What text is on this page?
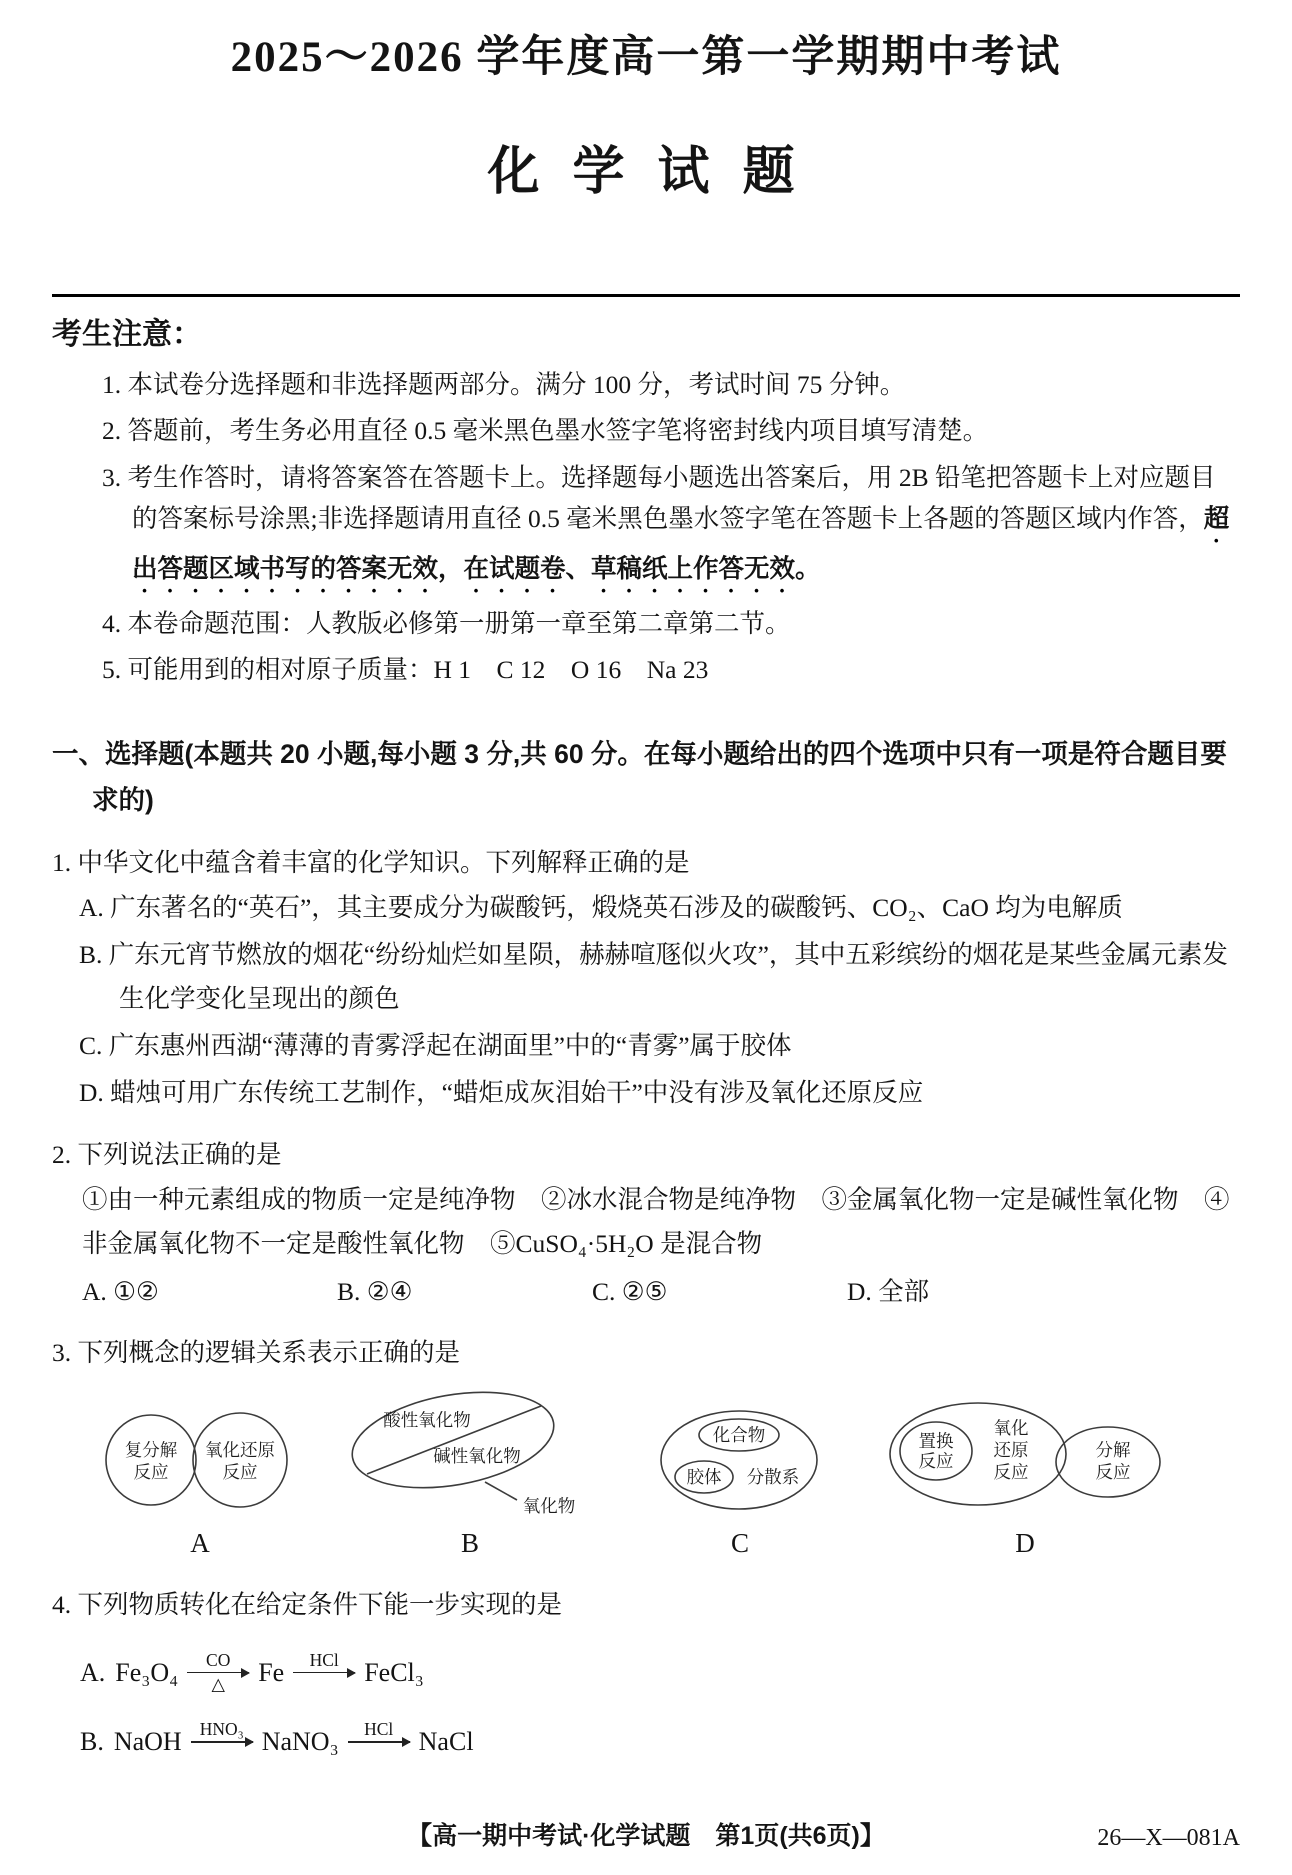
2025～2026 学年度高一第一学期期中考试
化 学 试 题
考生注意：
1. 本试卷分选择题和非选择题两部分。满分 100 分，考试时间 75 分钟。
2. 答题前，考生务必用直径 0.5 毫米黑色墨水签字笔将密封线内项目填写清楚。
3. 考生作答时，请将答案答在答题卡上。选择题每小题选出答案后，用 2B 铅笔把答题卡上对应题目的答案标号涂黑;非选择题请用直径 0.5 毫米黑色墨水签字笔在答题卡上各题的答题区域内作答，超出答题区域书写的答案无效，在试题卷、草稿纸上作答无效。
4. 本卷命题范围：人教版必修第一册第一章至第二章第二节。
5. 可能用到的相对原子质量：H 1　C 12　O 16　Na 23
一、选择题(本题共 20 小题,每小题 3 分,共 60 分。在每小题给出的四个选项中只有一项是符合题目要求的)
1. 中华文化中蕴含着丰富的化学知识。下列解释正确的是
A. 广东著名的“英石”，其主要成分为碳酸钙，煅烧英石涉及的碳酸钙、CO₂、CaO 均为电解质
B. 广东元宵节燃放的烟花“纷纷灿烂如星陨，赫赫喧豗似火攻”，其中五彩缤纷的烟花是某些金属元素发生化学变化呈现出的颜色
C. 广东惠州西湖“薄薄的青雾浮起在湖面里”中的“青雾”属于胶体
D. 蜡烛可用广东传统工艺制作，“蜡炬成灰泪始干”中没有涉及氧化还原反应
2. 下列说法正确的是
①由一种元素组成的物质一定是纯净物　②冰水混合物是纯净物　③金属氧化物一定是碱性氧化物　④非金属氧化物不一定是酸性氧化物　⑤CuSO₄·5H₂O 是混合物
A. ①②	B. ②④	C. ②⑤	D. 全部
3. 下列概念的逻辑关系表示正确的是
复分解
反应
氧化还原
反应
A
酸性氧化物
碱性氧化物
氧化物
B
化合物
胶体 分散系
C
置换
反应
氧化
还原
反应
分解
反应
D
4. 下列物质转化在给定条件下能一步实现的是
A. Fe₃O₄ CO
△ Fe HCl FeCl₃
B. NaOH HNO₃ NaNO₃ HCl NaCl
【高一期中考试·化学试题　第1页(共6页)】	26—X—081A
